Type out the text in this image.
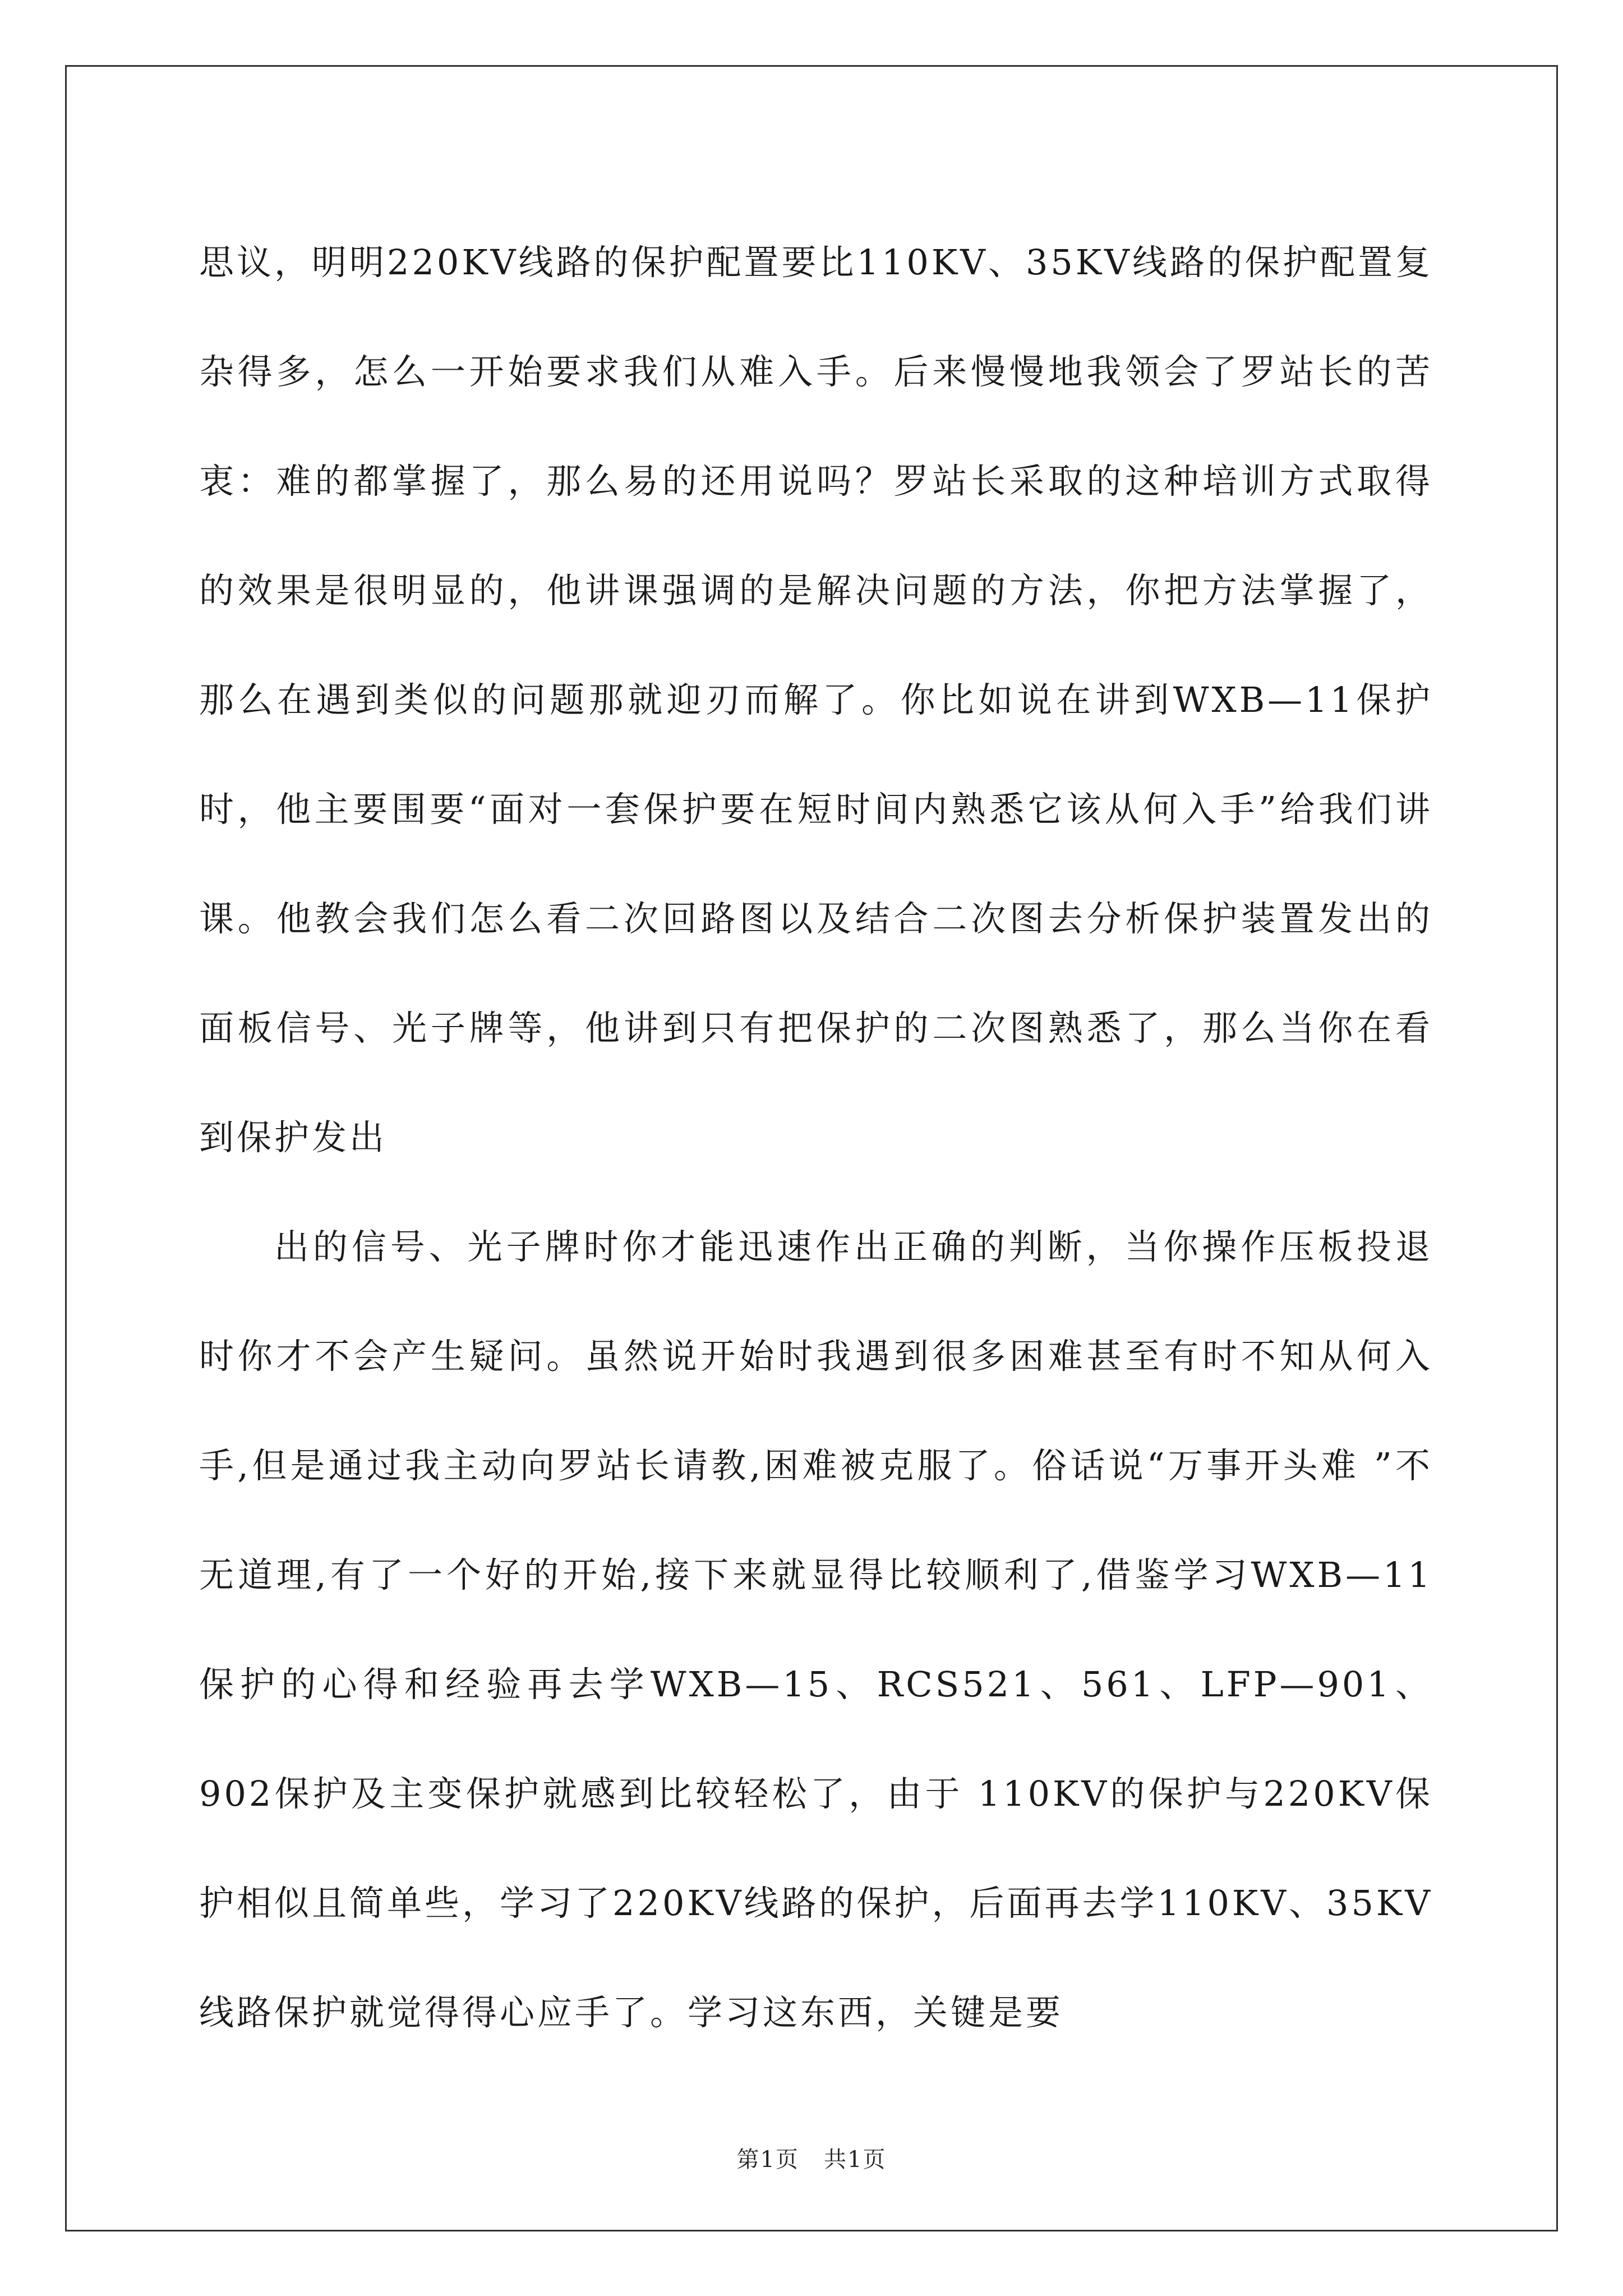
思议，明明220KV线路的保护配置要比110KV、35KV线路的保护配置复杂得多，怎么一开始要求我们从难入手。后来慢慢地我领会了罗站长的苦衷：难的都掌握了，那么易的还用说吗？罗站长采取的这种培训方式取得的效果是很明显的，他讲课强调的是解决问题的方法，你把方法掌握了，那么在遇到类似的问题那就迎刃而解了。你比如说在讲到WXB—11保护时，他主要围要“面对一套保护要在短时间内熟悉它该从何入手”给我们讲课。他教会我们怎么看二次回路图以及结合二次图去分析保护装置发出的面板信号、光子牌等，他讲到只有把保护的二次图熟悉了，那么当你在看到保护发出

出的信号、光子牌时你才能迅速作出正确的判断，当你操作压板投退时你才不会产生疑问。虽然说开始时我遇到很多困难甚至有时不知从何入手,但是通过我主动向罗站长请教,困难被克服了。俗话说“万事开头难 ”不无道理,有了一个好的开始,接下来就显得比较顺利了,借鉴学习WXB—11保护的心得和经验再去学WXB—15、RCS521、561、LFP—901、902保护及主变保护就感到比较轻松了，由于 110KV的保护与220KV保护相似且简单些，学习了220KV线路的保护，后面再去学110KV、35KV线路保护就觉得得心应手了。学习这东西，关键是要

第1页 共1页
